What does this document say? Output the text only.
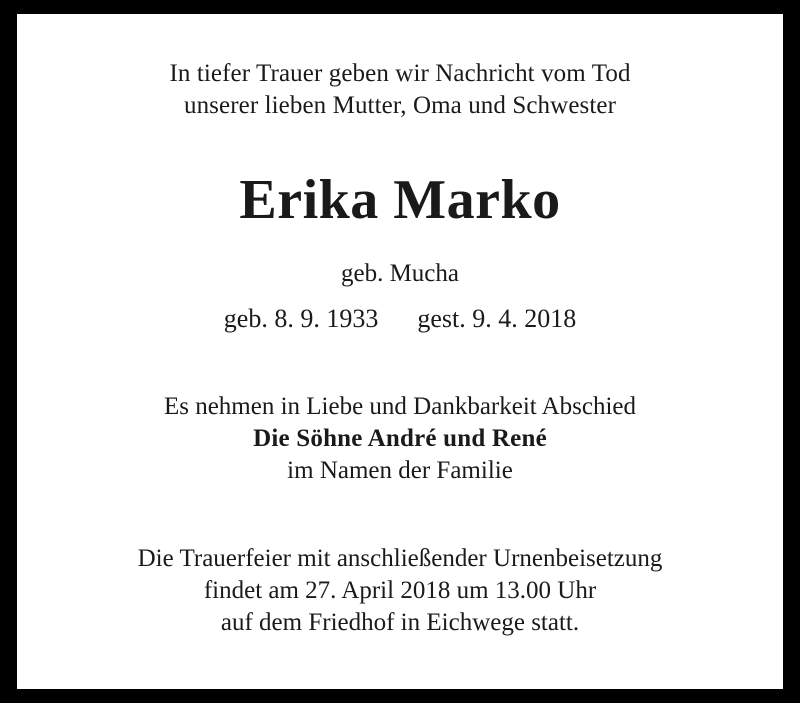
In tiefer Trauer geben wir Nachricht vom Tod
unserer lieben Mutter, Oma und Schwester
Erika Marko
geb. Mucha
geb. 8. 9. 1933      gest. 9. 4. 2018
Es nehmen in Liebe und Dankbarkeit Abschied
Die Söhne André und René
im Namen der Familie
Die Trauerfeier mit anschließender Urnenbeisetzung
findet am 27. April 2018 um 13.00 Uhr
auf dem Friedhof in Eichwege statt.
